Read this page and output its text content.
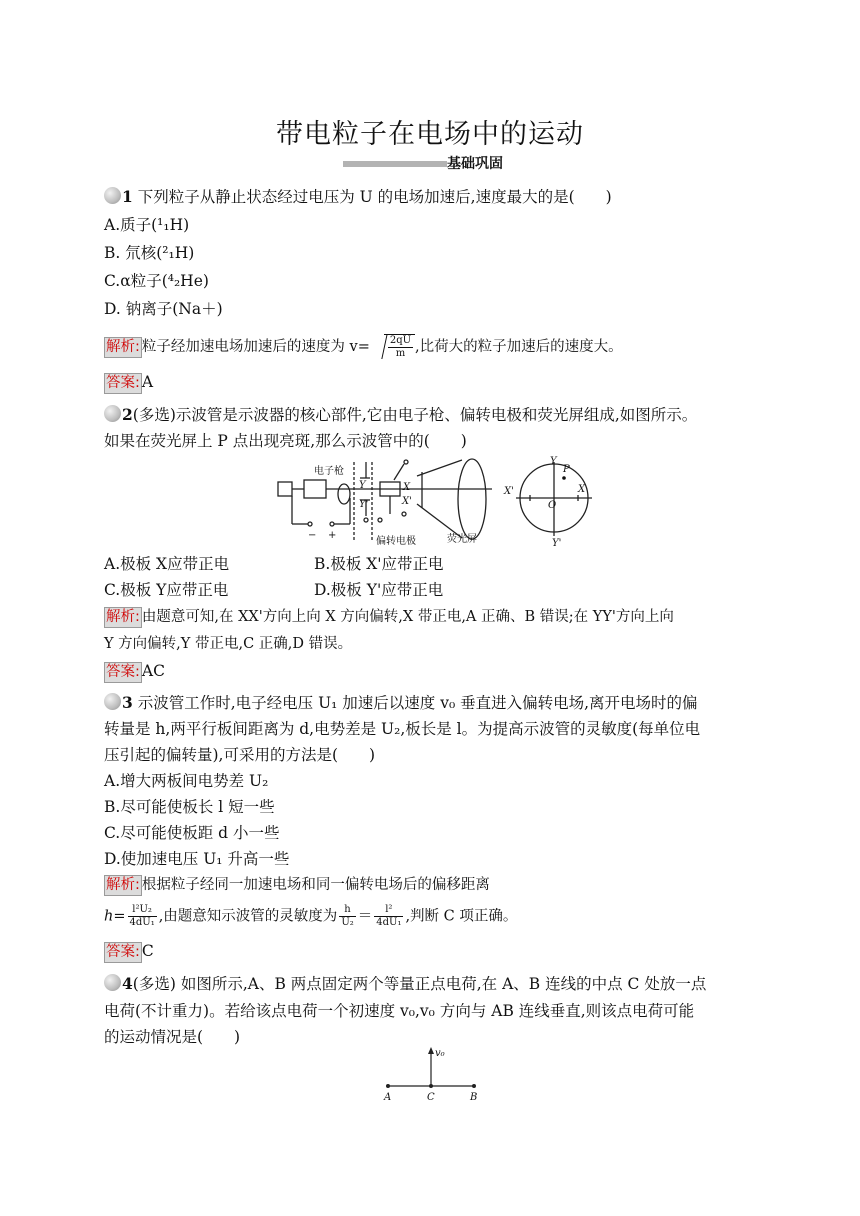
带电粒子在电场中的运动
基础巩固
1 下列粒子从静止状态经过电压为 U 的电场加速后,速度最大的是(　　)
A.质子(¹₁H)
B. 氘核(²₁H)
C.α粒子(⁴₂He)
D. 钠离子(Na＋)
解析: 粒子经加速电场加速后的速度为 $v= \frac{2qU}{m}$ ,比荷大的粒子加速后的速度大。
答案: A
2(多选)示波管是示波器的核心部件,它由电子枪、偏转电极和荧光屏组成,如图所示。
如果在荧光屏上 P 点出现亮斑,那么示波管中的(　　)
电子枪
偏转电极	荧光屏
− +
Y
Y'
X
X'
Y
P
O
Y'
X'	X
A.极板 X应带正电	B.极板 X'应带正电
C.极板 Y应带正电	D.极板 Y'应带正电
解析: 由题意可知,在 XX'方向上向 X 方向偏转,X 带正电,A 正确、B 错误;在 YY'方向上向
Y 方向偏转,Y 带正电,C 正确,D 错误。
答案: AC
3 示波管工作时,电子经电压 U₁ 加速后以速度 v₀ 垂直进入偏转电场,离开电场时的偏
转量是 h,两平行板间距离为 d,电势差是 U₂,板长是 l。为提高示波管的灵敏度(每单位电
压引起的偏转量),可采用的方法是(　　)
A.增大两板间电势差 U₂
B.尽可能使板长 l 短一些
C.尽可能使板距 d 小一些
D.使加速电压 U₁ 升高一些
解析: 根据粒子经同一加速电场和同一偏转电场后的偏移距离
$h= \frac{\text{l²U₂}}{\text{4dU₁}}$ ,由题意知示波管的灵敏度为 $\frac{h}{\text{U₂}} = \frac{\text{l²}}{\text{4dU₁}}$ ,判断 C 项正确。
答案: C
4(多选) 如图所示,A、B 两点固定两个等量正点电荷,在 A、B 连线的中点 C 处放一点
电荷(不计重力)。若给该点电荷一个初速度 v₀,v₀ 方向与 AB 连线垂直,则该点电荷可能
的运动情况是(　　)
A	C	B
v₀
